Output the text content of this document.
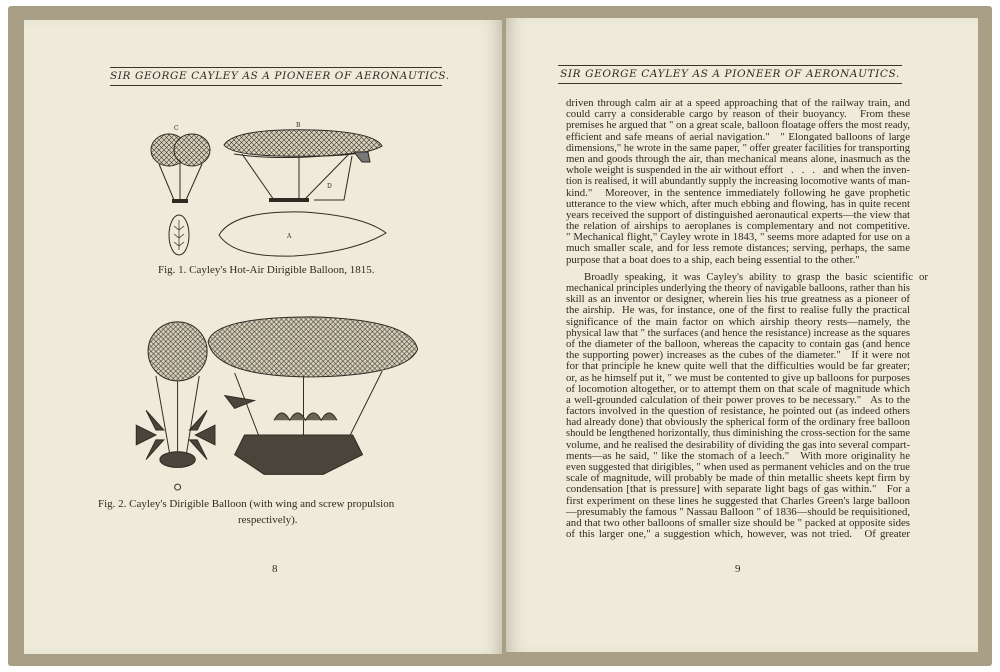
SIR GEORGE CAYLEY AS A PIONEER OF AERONAUTICS.
C	B
D
A
Fig. 1. Cayley's Hot-Air Dirigible Balloon, 1815.
Fig. 2. Cayley's Dirigible Balloon (with wing and screw propulsion
respectively).
8
SIR GEORGE CAYLEY AS A PIONEER OF AERONAUTICS.
driven through calm air at a speed approaching that of the railway train, and
could carry a considerable cargo by reason of their buoyancy.   From these
premises he argued that " on a great scale, balloon floatage offers the most ready,
efficient and safe means of aerial navigation."   " Elongated balloons of large
dimensions," he wrote in the same paper, " offer greater facilities for transporting
men and goods through the air, than mechanical means alone, inasmuch as the
whole weight is suspended in the air without effort   .   .   .   and when the inven-
tion is realised, it will abundantly supply the increasing locomotive wants of man-
kind."   Moreover, in the sentence immediately following he gave prophetic
utterance to the view which, after much ebbing and flowing, has in quite recent
years received the support of distinguished aeronautical experts—the view that
the relation of airships to aeroplanes is complementary and not competitive.
" Mechanical flight," Cayley wrote in 1843, " seems more adapted for use on a
much smaller scale, and for less remote distances; serving, perhaps, the same
purpose that a boat does to a ship, each being essential to the other."
Broadly speaking, it was Cayley's ability to grasp the basic scientific or
mechanical principles underlying the theory of navigable balloons, rather than his
skill as an inventor or designer, wherein lies his true greatness as a pioneer of
the airship.  He was, for instance, one of the first to realise fully the practical
significance of the main factor on which airship theory rests—namely, the
physical law that " the surfaces (and hence the resistance) increase as the squares
of the diameter of the balloon, whereas the capacity to contain gas (and hence
the supporting power) increases as the cubes of the diameter."   If it were not
for that principle he knew quite well that the difficulties would be far greater;
or, as he himself put it, " we must be contented to give up balloons for purposes
of locomotion altogether, or to attempt them on that scale of magnitude which
a well-grounded calculation of their power proves to be necessary."   As to the
factors involved in the question of resistance, he pointed out (as indeed others
had already done) that obviously the spherical form of the ordinary free balloon
should be lengthened horizontally, thus diminishing the cross-section for the same
volume, and he realised the desirability of dividing the gas into several compart-
ments—as he said, " like the stomach of a leech."   With more originality he
even suggested that dirigibles, " when used as permanent vehicles and on the true
scale of magnitude, will probably be made of thin metallic sheets kept firm by
condensation [that is pressure] with separate light bags of gas within."   For a
first experiment on these lines he suggested that Charles Green's large balloon
—presumably the famous " Nassau Balloon " of 1836—should be requisitioned,
and that two other balloons of smaller size should be " packed at opposite sides
of this larger one," a suggestion which, however, was not tried.   Of greater
9
